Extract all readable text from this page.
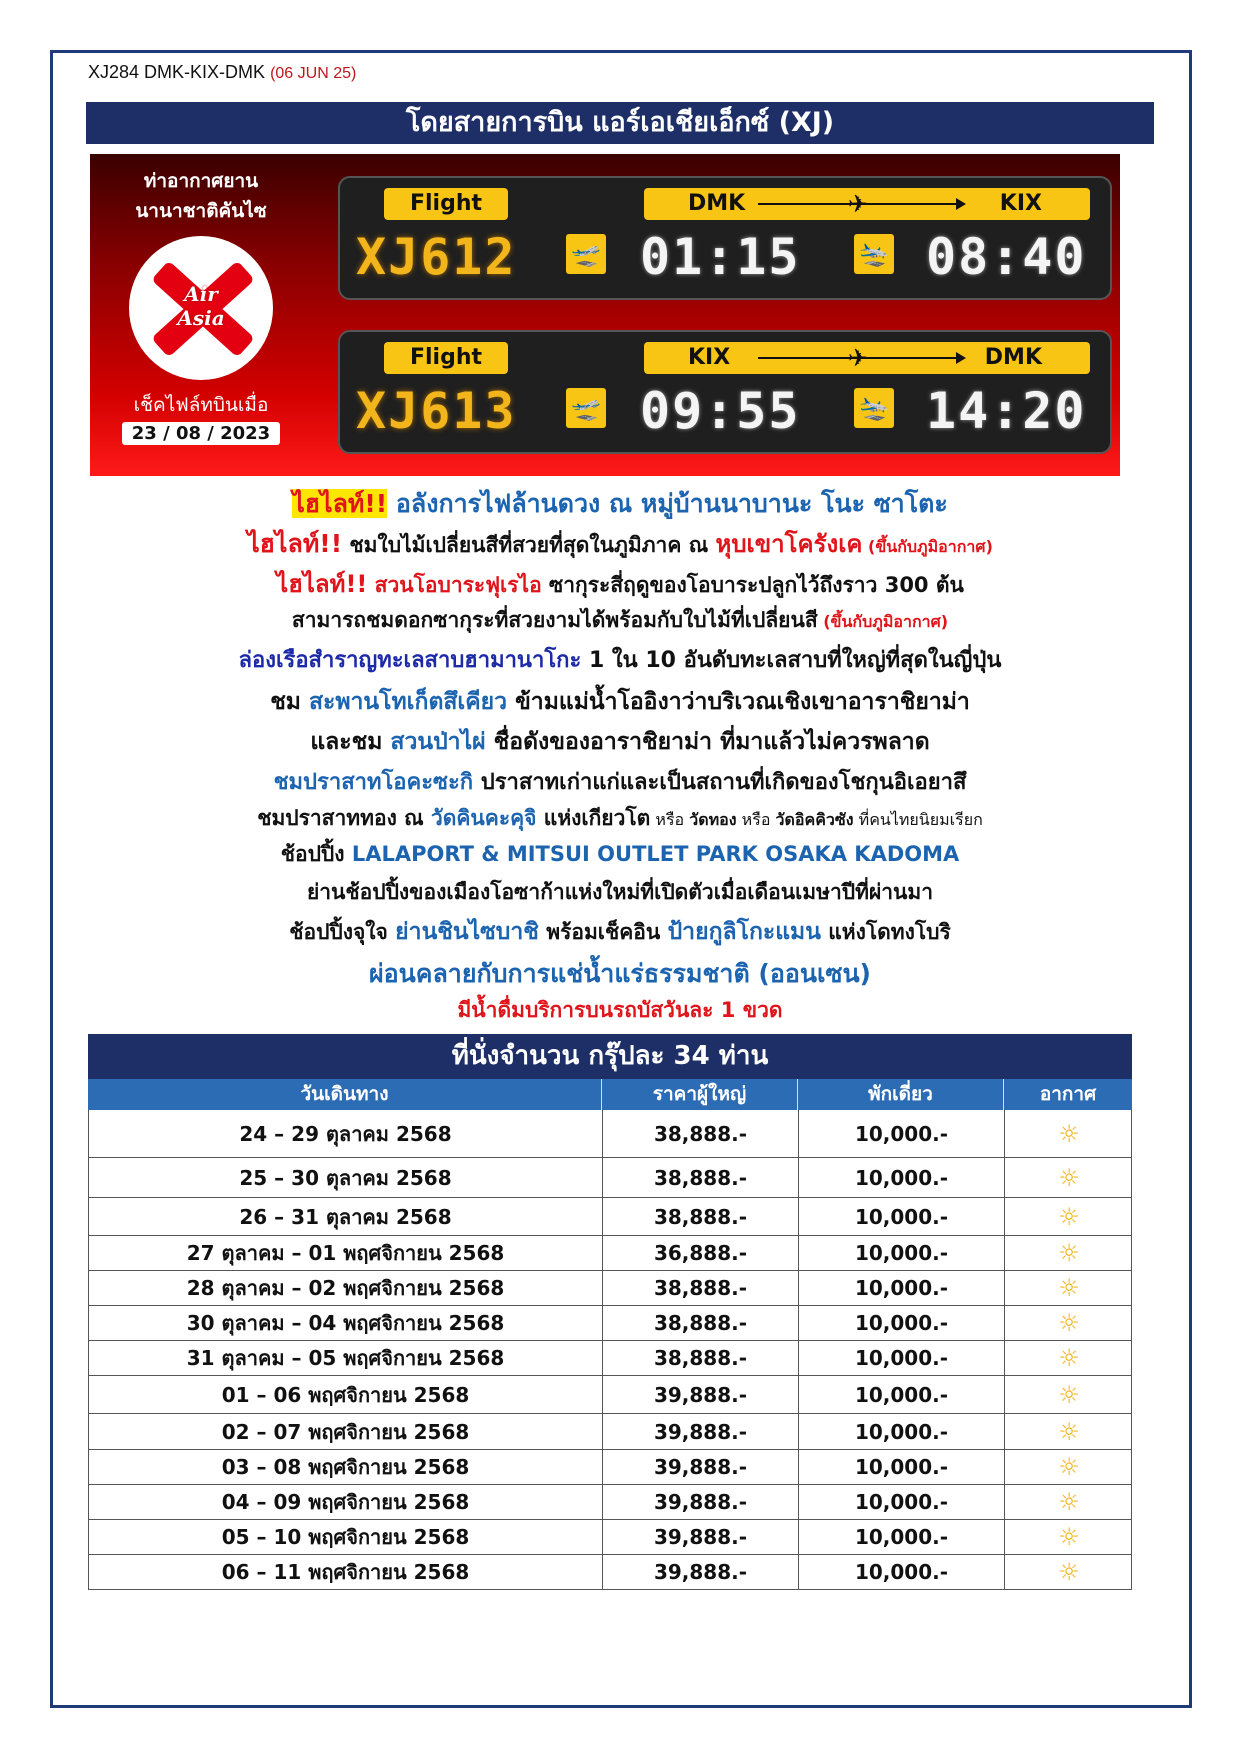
XJ284 DMK-KIX-DMK (06 JUN 25)
โดยสายการบิน แอร์เอเชียเอ็กซ์ (XJ)
ท่าอากาศยาน
นานาชาติคันไซ
Air
Asia
เช็คไฟล์ทบินเมื่อ
23 / 08 / 2023
Flight	DMK	✈	KIX
XJ612 🛫 01:15 🛬 08:40
Flight	KIX	✈	DMK
XJ613 🛫 09:55 🛬 14:20
ไฮไลท์!! อลังการไฟล้านดวง ณ หมู่บ้านนาบานะ โนะ ซาโตะ
ไฮไลท์!! ชมใบไม้เปลี่ยนสีที่สวยที่สุดในภูมิภาค ณ หุบเขาโครังเค (ขึ้นกับภูมิอากาศ)
ไฮไลท์!! สวนโอบาระฟุเรไอ ซากุระสี่ฤดูของโอบาระปลูกไว้ถึงราว 300 ต้น
สามารถชมดอกซากุระที่สวยงามได้พร้อมกับใบไม้ที่เปลี่ยนสี (ขึ้นกับภูมิอากาศ)
ล่องเรือสำราญทะเลสาบฮามานาโกะ 1 ใน 10 อันดับทะเลสาบที่ใหญ่ที่สุดในญี่ปุ่น
ชม สะพานโทเก็ตสึเคียว ข้ามแม่น้ำโออิงาว่าบริเวณเชิงเขาอาราชิยาม่า
และชม สวนป่าไผ่ ชื่อดังของอาราชิยาม่า ที่มาแล้วไม่ควรพลาด
ชมปราสาทโอคะซะกิ ปราสาทเก่าแก่และเป็นสถานที่เกิดของโชกุนอิเอยาสึ
ชมปราสาททอง ณ วัดคินคะคุจิ แห่งเกียวโต หรือ วัดทอง หรือ วัดอิคคิวซัง ที่คนไทยนิยมเรียก
ช้อปปิ้ง LALAPORT & MITSUI OUTLET PARK OSAKA KADOMA
ย่านช้อปปิ้งของเมืองโอซาก้าแห่งใหม่ที่เปิดตัวเมื่อเดือนเมษาปีที่ผ่านมา
ช้อปปิ้งจุใจ ย่านชินไซบาชิ พร้อมเช็คอิน ป้ายกูลิโกะแมน แห่งโดทงโบริ
ผ่อนคลายกับการแช่น้ำแร่ธรรมชาติ (ออนเซน)
มีน้ำดื่มบริการบนรถบัสวันละ 1 ขวด
ที่นั่งจำนวน กรุ๊ปละ 34 ท่าน
วันเดินทาง	ราคาผู้ใหญ่	พักเดี่ยว	อากาศ
24 – 29 ตุลาคม 2568	38,888.-	10,000.-	☼
25 – 30 ตุลาคม 2568	38,888.-	10,000.-	☼
26 – 31 ตุลาคม 2568	38,888.-	10,000.-	☼
27 ตุลาคม – 01 พฤศจิกายน 2568	36,888.-	10,000.-	☼
28 ตุลาคม – 02 พฤศจิกายน 2568	38,888.-	10,000.-	☼
30 ตุลาคม – 04 พฤศจิกายน 2568	38,888.-	10,000.-	☼
31 ตุลาคม – 05 พฤศจิกายน 2568	38,888.-	10,000.-	☼
01 – 06 พฤศจิกายน 2568	39,888.-	10,000.-	☼
02 – 07 พฤศจิกายน 2568	39,888.-	10,000.-	☼
03 – 08 พฤศจิกายน 2568	39,888.-	10,000.-	☼
04 – 09 พฤศจิกายน 2568	39,888.-	10,000.-	☼
05 – 10 พฤศจิกายน 2568	39,888.-	10,000.-	☼
06 – 11 พฤศจิกายน 2568	39,888.-	10,000.-	☼
